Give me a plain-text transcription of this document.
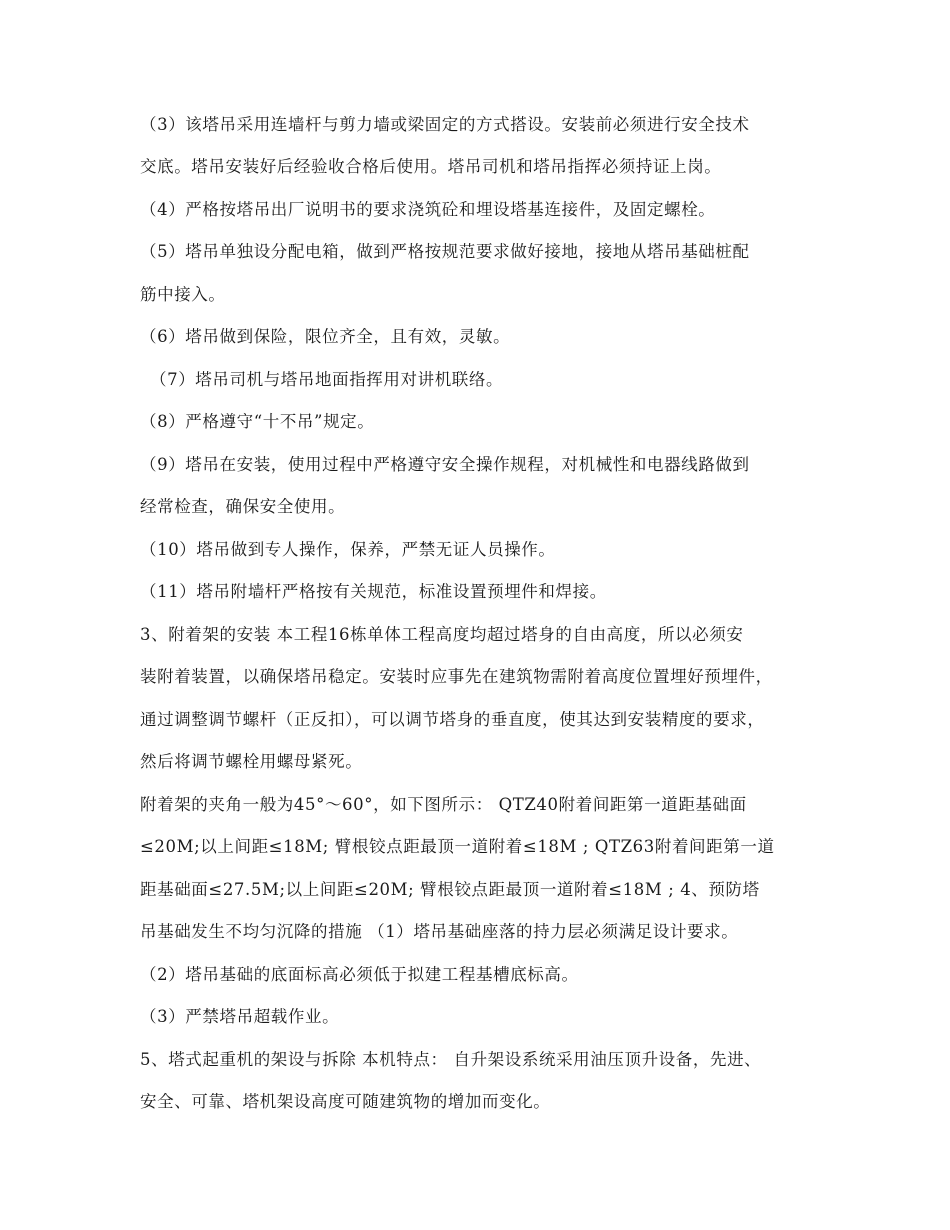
（3）该塔吊采用连墙杆与剪力墙或梁固定的方式搭设。安装前必须进行安全技术
交底。塔吊安装好后经验收合格后使用。塔吊司机和塔吊指挥必须持证上岗。
（4）严格按塔吊出厂说明书的要求浇筑砼和埋设塔基连接件，及固定螺栓。
（5）塔吊单独设分配电箱，做到严格按规范要求做好接地，接地从塔吊基础桩配
筋中接入。
（6）塔吊做到保险，限位齐全，且有效，灵敏。
（7）塔吊司机与塔吊地面指挥用对讲机联络。
（8）严格遵守“十不吊”规定。
（9）塔吊在安装，使用过程中严格遵守安全操作规程，对机械性和电器线路做到
经常检查，确保安全使用。
（10）塔吊做到专人操作，保养，严禁无证人员操作。
（11）塔吊附墙杆严格按有关规范，标准设置预埋件和焊接。
3、附着架的安装 本工程16栋单体工程高度均超过塔身的自由高度，所以必须安
装附着装置，以确保塔吊稳定。安装时应事先在建筑物需附着高度位置埋好预埋件，
通过调整调节螺杆（正反扣），可以调节塔身的垂直度，使其达到安装精度的要求，
然后将调节螺栓用螺母紧死。
附着架的夹角一般为45°～60°，如下图所示： QTZ40附着间距第一道距基础面
≤20M;以上间距≤18M; 臂根铰点距最顶一道附着≤18M ; QTZ63附着间距第一道
距基础面≤27.5M;以上间距≤20M; 臂根铰点距最顶一道附着≤18M ; 4、预防塔
吊基础发生不均匀沉降的措施 （1）塔吊基础座落的持力层必须满足设计要求。
（2）塔吊基础的底面标高必须低于拟建工程基槽底标高。
（3）严禁塔吊超载作业。
5、塔式起重机的架设与拆除 本机特点： 自升架设系统采用油压顶升设备，先进、
安全、可靠、塔机架设高度可随建筑物的增加而变化。
